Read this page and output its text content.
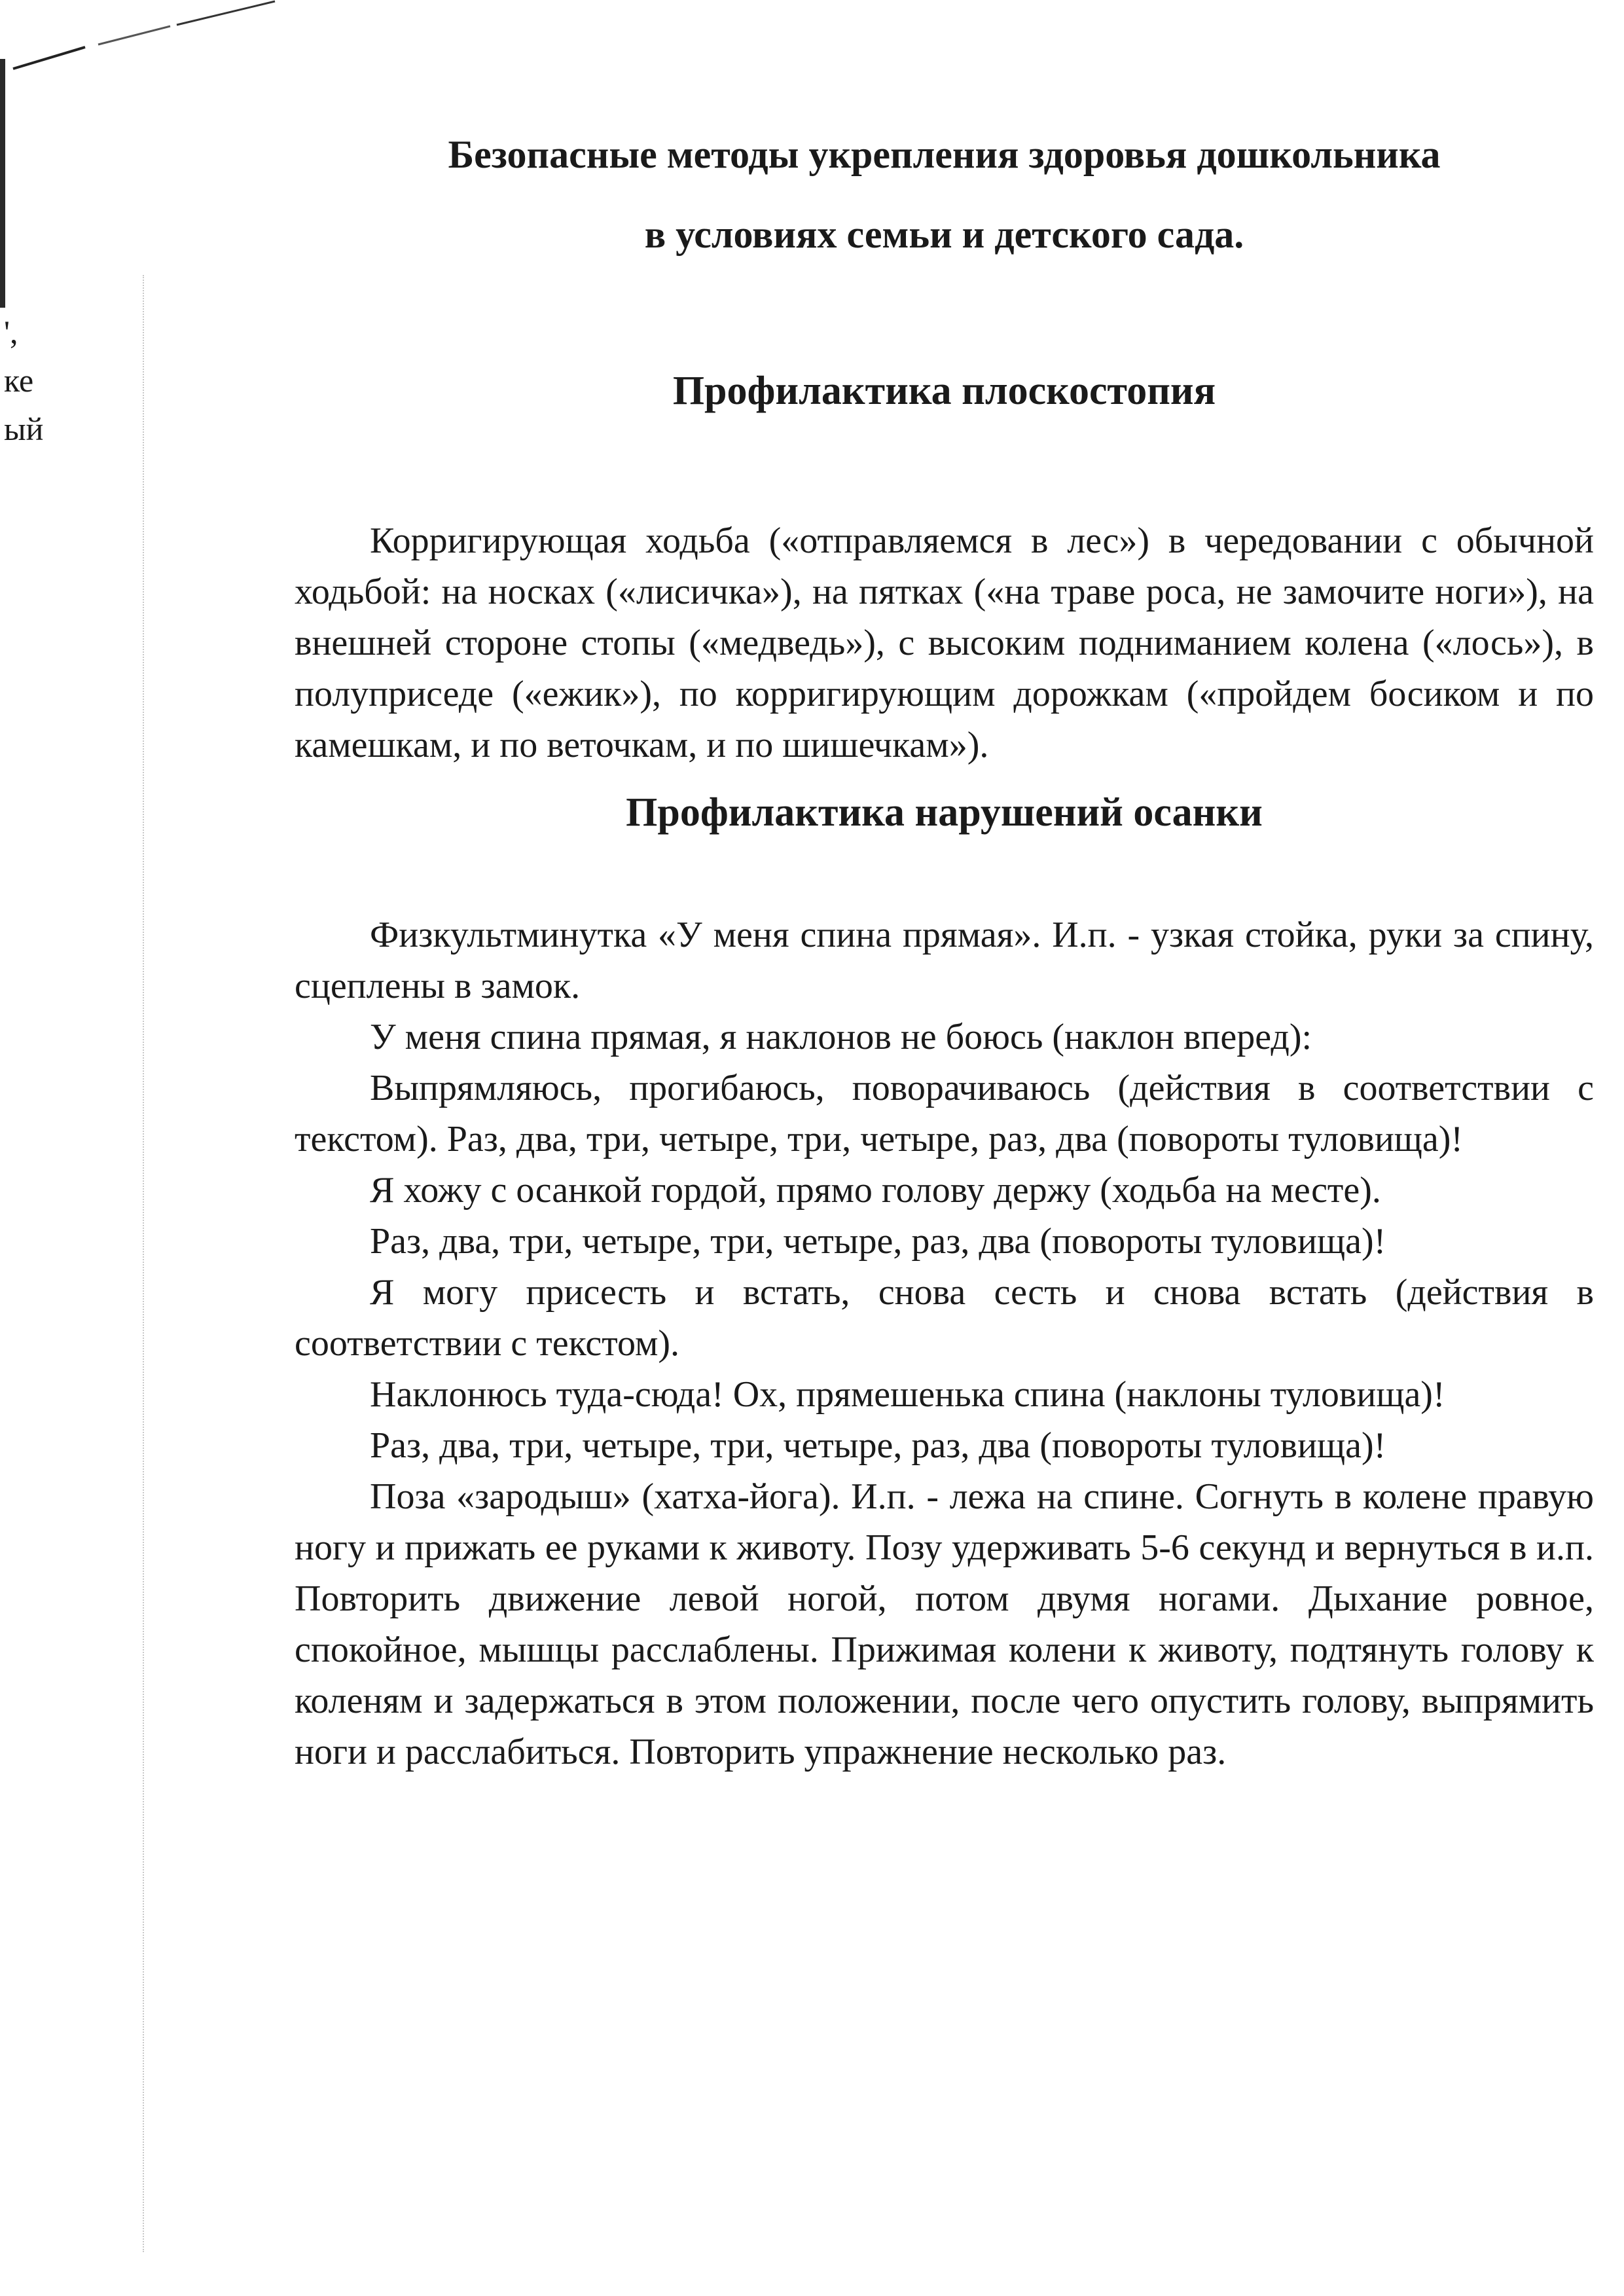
',
ке
ый
Безопасные методы укрепления здоровья дошкольника
в условиях семьи и детского сада.
Профилактика плоскостопия

Корригирующая ходьба («отправляемся в лес») в чередовании с обычной ходьбой: на носках («лисичка»), на пятках («на траве роса, не замочите ноги»), на внешней стороне стопы («медведь»), с высоким подниманием колена («лось»), в полуприседе («ежик»), по корригирующим дорожкам («пройдем босиком и по камешкам, и по веточкам, и по шишечкам»).

Профилактика нарушений осанки

Физкультминутка «У меня спина прямая». И.п. - узкая стойка, руки за спину, сцеплены в замок.

У меня спина прямая, я наклонов не боюсь (наклон вперед):

Выпрямляюсь, прогибаюсь, поворачиваюсь (действия в соответствии с текстом). Раз, два, три, четыре, три, четыре, раз, два (повороты туловища)!

Я хожу с осанкой гордой, прямо голову держу (ходьба на месте).

Раз, два, три, четыре, три, четыре, раз, два (повороты туловища)!

Я могу присесть и встать, снова сесть и снова встать (действия в соответствии с текстом).

Наклонюсь туда-сюда! Ох, прямешенька спина (наклоны туловища)!

Раз, два, три, четыре, три, четыре, раз, два (повороты туловища)!

Поза «зародыш» (хатха-йога). И.п. - лежа на спине. Согнуть в колене правую ногу и прижать ее руками к животу. Позу удерживать 5-6 секунд и вернуться в и.п. Повторить движение левой ногой, потом двумя ногами. Дыхание ровное, спокойное, мышцы расслаблены. Прижимая колени к животу, подтянуть голову к коленям и задержаться в этом положении, после чего опустить голову, выпрямить ноги и расслабиться. Повторить упражнение несколько раз.
